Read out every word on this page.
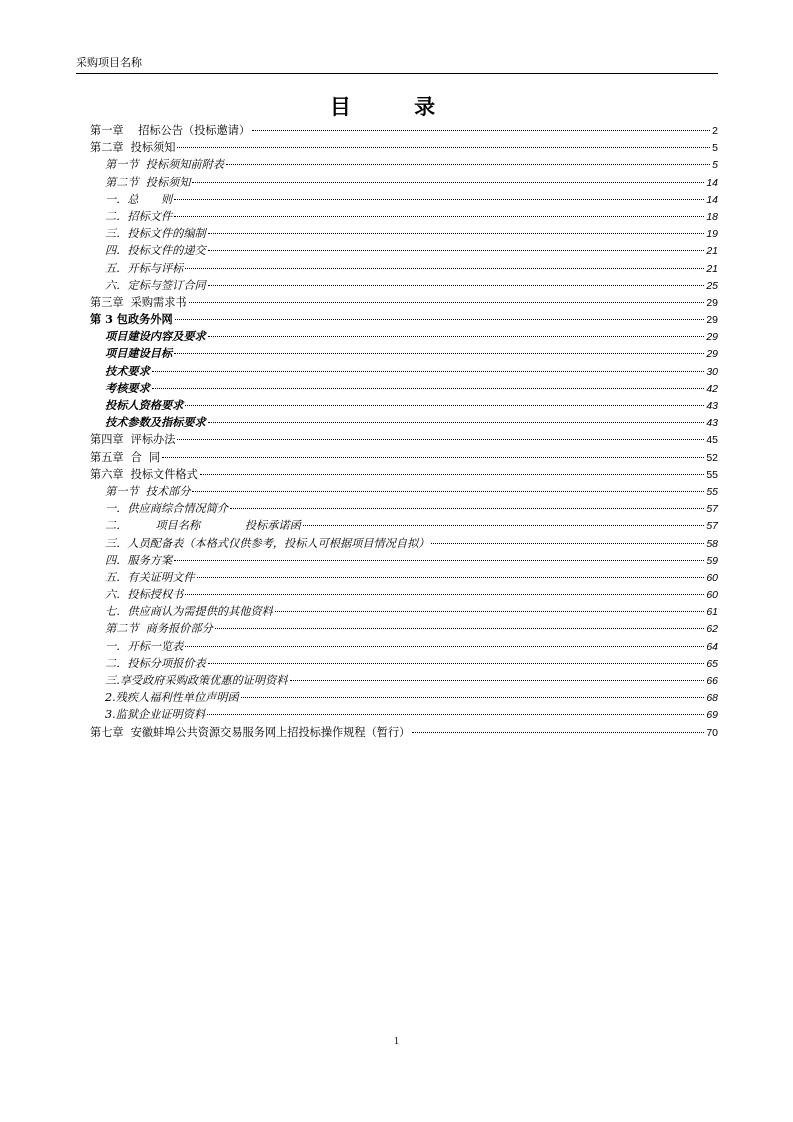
采购项目名称
目 录
第一章 　招标公告（投标邀请）	2
第二章  投标须知	5
第一节  投标须知前附表	5
第二节  投标须知	14
一．总　　则	14
二．招标文件	18
三．投标文件的编制	19
四．投标文件的递交	21
五．开标与评标	21
六．定标与签订合同	25
第三章  采购需求书	29
第 3 包政务外网	29
项目建设内容及要求	29
项目建设目标	29
技术要求	30
考核要求	42
投标人资格要求	43
技术参数及指标要求	43
第四章  评标办法	45
第五章  合  同	52
第六章  投标文件格式	55
第一节  技术部分	55
一．供应商综合情况简介	57
二．　　　项目名称　　　　投标承诺函	57
三．人员配备表（本格式仅供参考，投标人可根据项目情况自拟）	58
四．服务方案	59
五．有关证明文件	60
六．投标授权书	60
七．供应商认为需提供的其他资料	61
第二节  商务报价部分	62
一．开标一览表	64
二．投标分项报价表	65
三.享受政府采购政策优惠的证明资料	66
2.残疾人福利性单位声明函	68
3.监狱企业证明资料	69
第七章  安徽蚌埠公共资源交易服务网上招投标操作规程（暂行）	70
1
